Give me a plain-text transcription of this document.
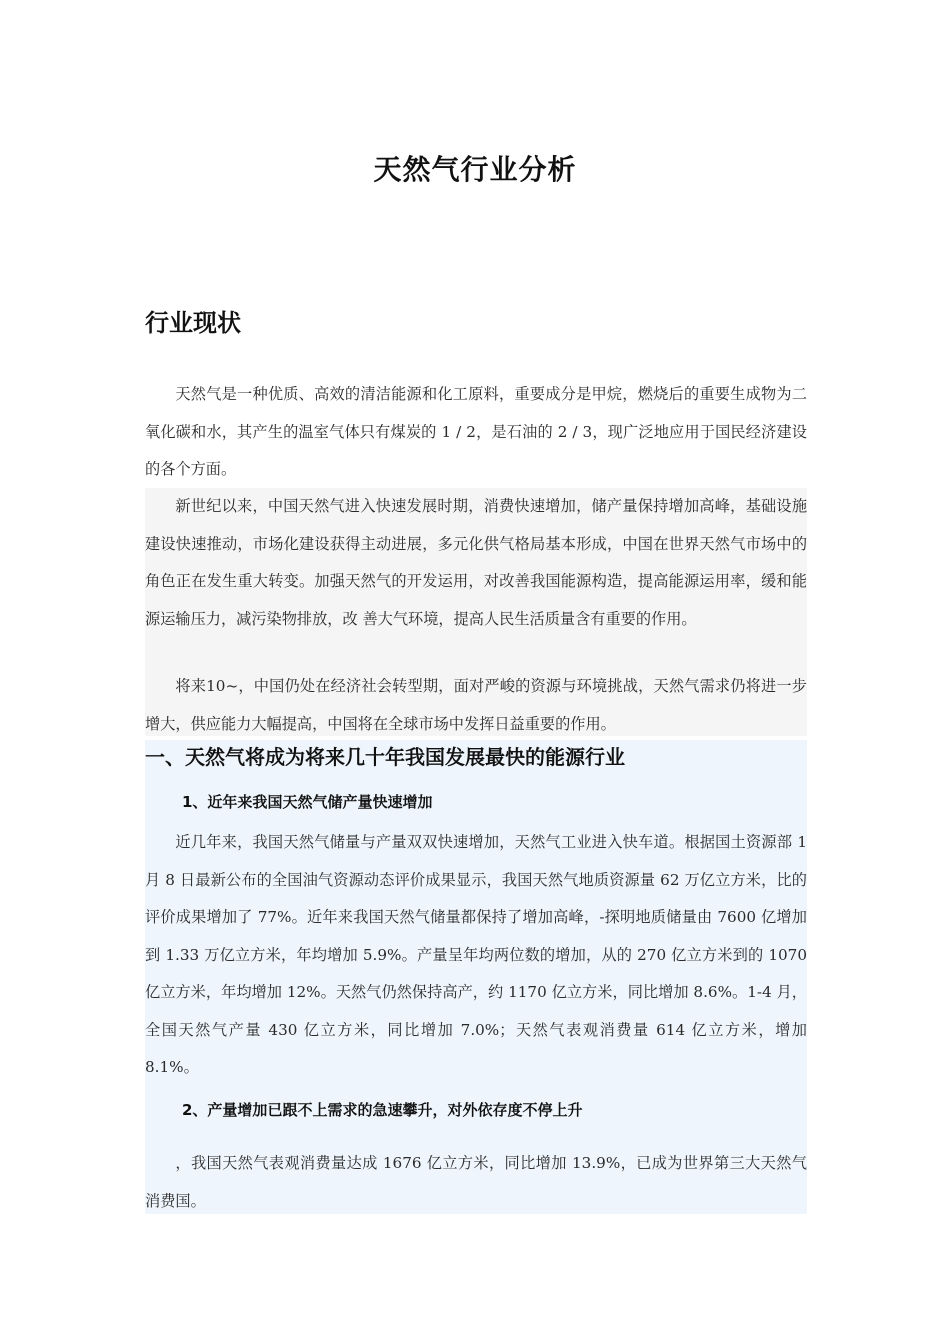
天然气行业分析
行业现状
天然气是一种优质、高效的清洁能源和化工原料，重要成分是甲烷，燃烧后的重要生成物为二氧化碳和水，其产生的温室气体只有煤炭的 1 / 2，是石油的 2 / 3，现广泛地应用于国民经济建设的各个方面。
新世纪以来，中国天然气进入快速发展时期，消费快速增加，储产量保持增加高峰，基础设施建设快速推动，市场化建设获得主动进展，多元化供气格局基本形成，中国在世界天然气市场中的角色正在发生重大转变。加强天然气的开发运用，对改善我国能源构造，提高能源运用率，缓和能源运输压力，减污染物排放，改 善大气环境，提高人民生活质量含有重要的作用。
将来10~，中国仍处在经济社会转型期，面对严峻的资源与环境挑战，天然气需求仍将进一步增大，供应能力大幅提高，中国将在全球市场中发挥日益重要的作用。
一、天然气将成为将来几十年我国发展最快的能源行业
1、近年来我国天然气储产量快速增加
近几年来，我国天然气储量与产量双双快速增加，天然气工业进入快车道。根据国土资源部 1 月 8 日最新公布的全国油气资源动态评价成果显示，我国天然气地质资源量 62 万亿立方米，比的评价成果增加了 77%。近年来我国天然气储量都保持了增加高峰，-探明地质储量由 7600 亿增加到 1.33 万亿立方米，年均增加 5.9%。产量呈年均两位数的增加，从的 270 亿立方米到的 1070 亿立方米，年均增加 12%。天然气仍然保持高产，约 1170 亿立方米，同比增加 8.6%。1-4 月，全国天然气产量 430 亿立方米，同比增加 7.0%；天然气表观消费量 614 亿立方米，增加 8.1%。
2、产量增加已跟不上需求的急速攀升，对外依存度不停上升
，我国天然气表观消费量达成 1676 亿立方米，同比增加 13.9%，已成为世界第三大天然气消费国。
